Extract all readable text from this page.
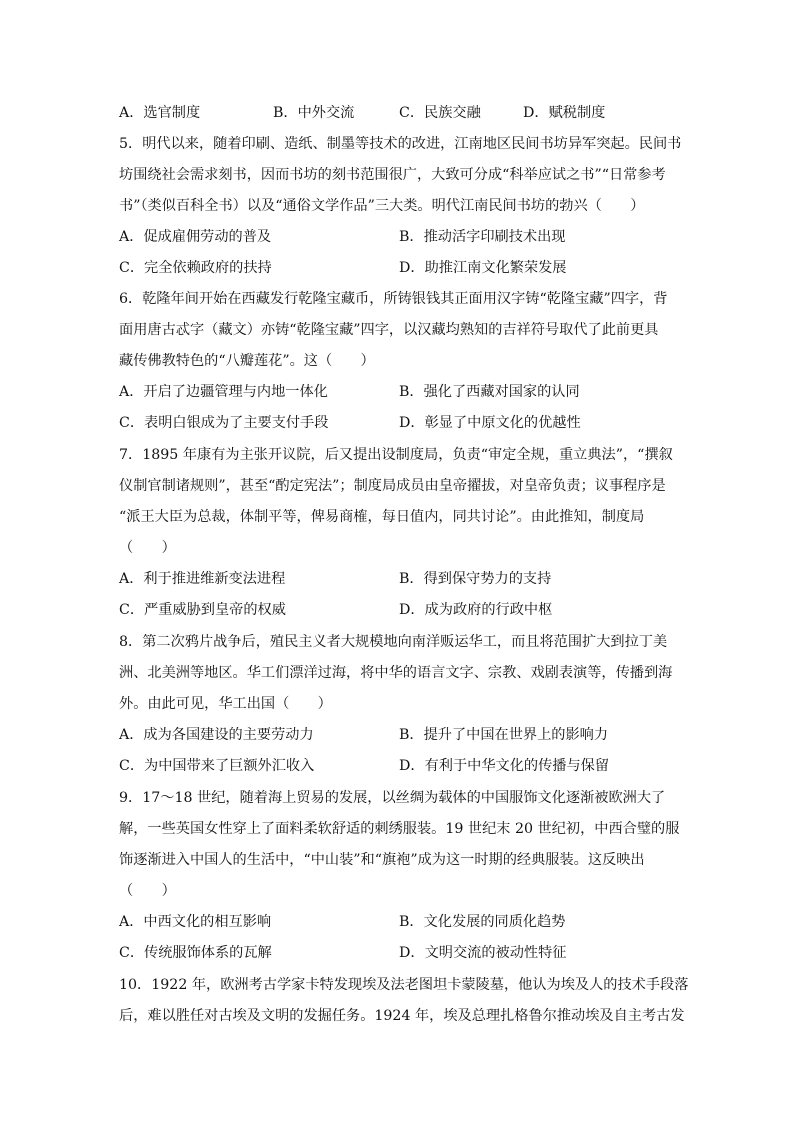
A．选官制度	B．中外交流	C．民族交融	D．赋税制度
5．明代以来，随着印刷、造纸、制墨等技术的改进，江南地区民间书坊异军突起。民间书
坊围绕社会需求刻书，因而书坊的刻书范围很广，大致可分成“科举应试之书”“日常参考
书”（类似百科全书）以及“通俗文学作品”三大类。明代江南民间书坊的勃兴（　　）
A．促成雇佣劳动的普及	B．推动活字印刷技术出现
C．完全依赖政府的扶持	D．助推江南文化繁荣发展
6．乾隆年间开始在西藏发行乾隆宝藏币，所铸银钱其正面用汉字铸“乾隆宝藏”四字，背
面用唐古忒字（藏文）亦铸“乾隆宝藏”四字，以汉藏均熟知的吉祥符号取代了此前更具
藏传佛教特色的“八瓣莲花”。这（　　）
A．开启了边疆管理与内地一体化	B．强化了西藏对国家的认同
C．表明白银成为了主要支付手段	D．彰显了中原文化的优越性
7．1895 年康有为主张开议院，后又提出设制度局，负责“审定全规，重立典法”，“撰叙
仪制官制诸规则”，甚至“酌定宪法”；制度局成员由皇帝擢拔，对皇帝负责；议事程序是
“派王大臣为总裁，体制平等，俾易商榷，每日值内，同共讨论”。由此推知，制度局
（　　）
A．利于推进维新变法进程	B．得到保守势力的支持
C．严重威胁到皇帝的权威	D．成为政府的行政中枢
8．第二次鸦片战争后，殖民主义者大规模地向南洋贩运华工，而且将范围扩大到拉丁美
洲、北美洲等地区。华工们漂洋过海，将中华的语言文字、宗教、戏剧表演等，传播到海
外。由此可见，华工出国（　　）
A．成为各国建设的主要劳动力	B．提升了中国在世界上的影响力
C．为中国带来了巨额外汇收入	D．有利于中华文化的传播与保留
9．17～18 世纪，随着海上贸易的发展，以丝绸为载体的中国服饰文化逐渐被欧洲大了
解，一些英国女性穿上了面料柔软舒适的刺绣服装。19 世纪末 20 世纪初，中西合璧的服
饰逐渐进入中国人的生活中，“中山装”和“旗袍”成为这一时期的经典服装。这反映出
（　　）
A．中西文化的相互影响	B．文化发展的同质化趋势
C．传统服饰体系的瓦解	D．文明交流的被动性特征
10．1922 年，欧洲考古学家卡特发现埃及法老图坦卡蒙陵墓，他认为埃及人的技术手段落
后，难以胜任对古埃及文明的发掘任务。1924 年，埃及总理扎格鲁尔推动埃及自主考古发
